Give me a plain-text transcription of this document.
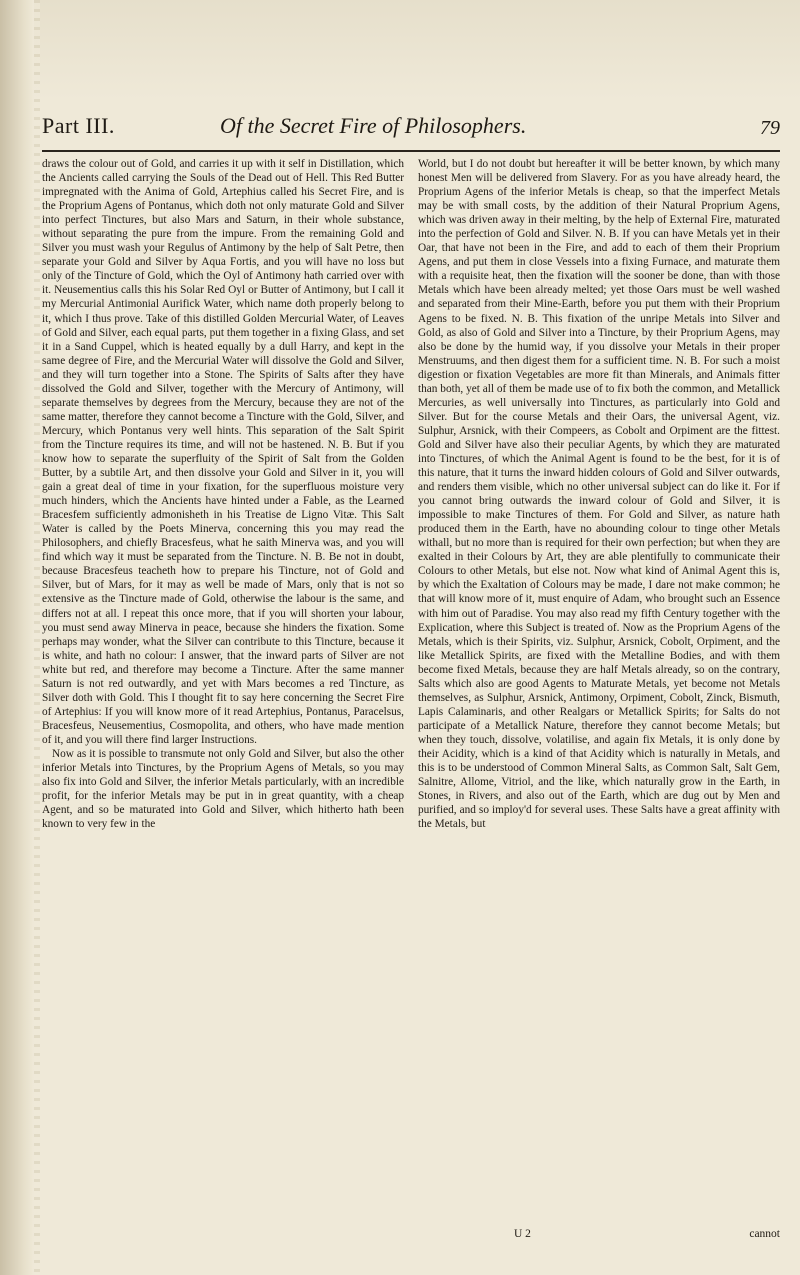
Part III.	Of the Secret Fire of Philosophers.	79

draws the colour out of Gold, and carries it up with it self in Distillation, which the Ancients called carrying the Souls of the Dead out of Hell. This Red Butter impregnated with the Anima of Gold, Artephius called his Secret Fire, and is the Proprium Agens of Pontanus, which doth not only maturate Gold and Silver into perfect Tinctures, but also Mars and Saturn, in their whole substance, without separating the pure from the impure. From the remaining Gold and Silver you must wash your Regulus of Antimony by the help of Salt Petre, then separate your Gold and Silver by Aqua Fortis, and you will have no loss but only of the Tincture of Gold, which the Oyl of Antimony hath carried over with it. Neusementius calls this his Solar Red Oyl or Butter of Antimony, but I call it my Mercurial Antimonial Aurifick Water, which name doth properly belong to it, which I thus prove. Take of this distilled Golden Mercurial Water, of Leaves of Gold and Silver, each equal parts, put them together in a fixing Glass, and set it in a Sand Cuppel, which is heated equally by a dull Harry, and kept in the same degree of Fire, and the Mercurial Water will dissolve the Gold and Silver, and they will turn together into a Stone. The Spirits of Salts after they have dissolved the Gold and Silver, together with the Mercury of Antimony, will separate themselves by degrees from the Mercury, because they are not of the same matter, therefore they cannot become a Tincture with the Gold, Silver, and Mercury, which Pontanus very well hints. This separation of the Salt Spirit from the Tincture requires its time, and will not be hastened. N. B. But if you know how to separate the superfluity of the Spirit of Salt from the Golden Butter, by a subtile Art, and then dissolve your Gold and Silver in it, you will gain a great deal of time in your fixation, for the superfluous moisture very much hinders, which the Ancients have hinted under a Fable, as the Learned Bracesfem sufficiently admonisheth in his Treatise de Ligno Vitæ. This Salt Water is called by the Poets Minerva, concerning this you may read the Philosophers, and chiefly Bracesfeus, what he saith Minerva was, and you will find which way it must be separated from the Tincture. N. B. Be not in doubt, because Bracesfeus teacheth how to prepare his Tincture, not of Gold and Silver, but of Mars, for it may as well be made of Mars, only that is not so extensive as the Tincture made of Gold, otherwise the labour is the same, and differs not at all. I repeat this once more, that if you will shorten your labour, you must send away Minerva in peace, because she hinders the fixation. Some perhaps may wonder, what the Silver can contribute to this Tincture, because it is white, and hath no colour: I answer, that the inward parts of Silver are not white but red, and therefore may become a Tincture. After the same manner Saturn is not red outwardly, and yet with Mars becomes a red Tincture, as Silver doth with Gold. This I thought fit to say here concerning the Secret Fire of Artephius: If you will know more of it read Artephius, Pontanus, Paracelsus, Bracesfeus, Neusementius, Cosmopolita, and others, who have made mention of it, and you will there find larger Instructions.

Now as it is possible to transmute not only Gold and Silver, but also the other inferior Metals into Tinctures, by the Proprium Agens of Metals, so you may also fix into Gold and Silver, the inferior Metals particularly, with an incredible profit, for the inferior Metals may be put in in great quantity, with a cheap Agent, and so be maturated into Gold and Silver, which hitherto hath been known to very few in the

World, but I do not doubt but hereafter it will be better known, by which many honest Men will be delivered from Slavery. For as you have already heard, the Proprium Agens of the inferior Metals is cheap, so that the imperfect Metals may be with small costs, by the addition of their Natural Proprium Agens, which was driven away in their melting, by the help of External Fire, maturated into the perfection of Gold and Silver. N. B. If you can have Metals yet in their Oar, that have not been in the Fire, and add to each of them their Proprium Agens, and put them in close Vessels into a fixing Furnace, and maturate them with a requisite heat, then the fixation will the sooner be done, than with those Metals which have been already melted; yet those Oars must be well washed and separated from their Mine-Earth, before you put them with their Proprium Agens to be fixed. N. B. This fixation of the unripe Metals into Silver and Gold, as also of Gold and Silver into a Tincture, by their Proprium Agens, may also be done by the humid way, if you dissolve your Metals in their proper Menstruums, and then digest them for a sufficient time. N. B. For such a moist digestion or fixation Vegetables are more fit than Minerals, and Animals fitter than both, yet all of them be made use of to fix both the common, and Metallick Mercuries, as well universally into Tinctures, as particularly into Gold and Silver. But for the course Metals and their Oars, the universal Agent, viz. Sulphur, Arsnick, with their Compeers, as Cobolt and Orpiment are the fittest. Gold and Silver have also their peculiar Agents, by which they are maturated into Tinctures, of which the Animal Agent is found to be the best, for it is of this nature, that it turns the inward hidden colours of Gold and Silver outwards, and renders them visible, which no other universal subject can do like it. For if you cannot bring outwards the inward colour of Gold and Silver, it is impossible to make Tinctures of them. For Gold and Silver, as nature hath produced them in the Earth, have no abounding colour to tinge other Metals withall, but no more than is required for their own perfection; but when they are exalted in their Colours by Art, they are able plentifully to communicate their Colours to other Metals, but else not. Now what kind of Animal Agent this is, by which the Exaltation of Colours may be made, I dare not make common; he that will know more of it, must enquire of Adam, who brought such an Essence with him out of Paradise. You may also read my fifth Century together with the Explication, where this Subject is treated of. Now as the Proprium Agens of the Metals, which is their Spirits, viz. Sulphur, Arsnick, Cobolt, Orpiment, and the like Metallick Spirits, are fixed with the Metalline Bodies, and with them become fixed Metals, because they are half Metals already, so on the contrary, Salts which also are good Agents to Maturate Metals, yet become not Metals themselves, as Sulphur, Arsnick, Antimony, Orpiment, Cobolt, Zinck, Bismuth, Lapis Calaminaris, and other Realgars or Metallick Spirits; for Salts do not participate of a Metallick Nature, therefore they cannot become Metals; but when they touch, dissolve, volatilise, and again fix Metals, it is only done by their Acidity, which is a kind of that Acidity which is naturally in Metals, and this is to be understood of Common Mineral Salts, as Common Salt, Salt Gem, Salnitre, Allome, Vitriol, and the like, which naturally grow in the Earth, in Stones, in Rivers, and also out of the Earth, which are dug out by Men and purified, and so imploy'd for several uses. These Salts have a great affinity with the Metals, but

U 2	cannot
